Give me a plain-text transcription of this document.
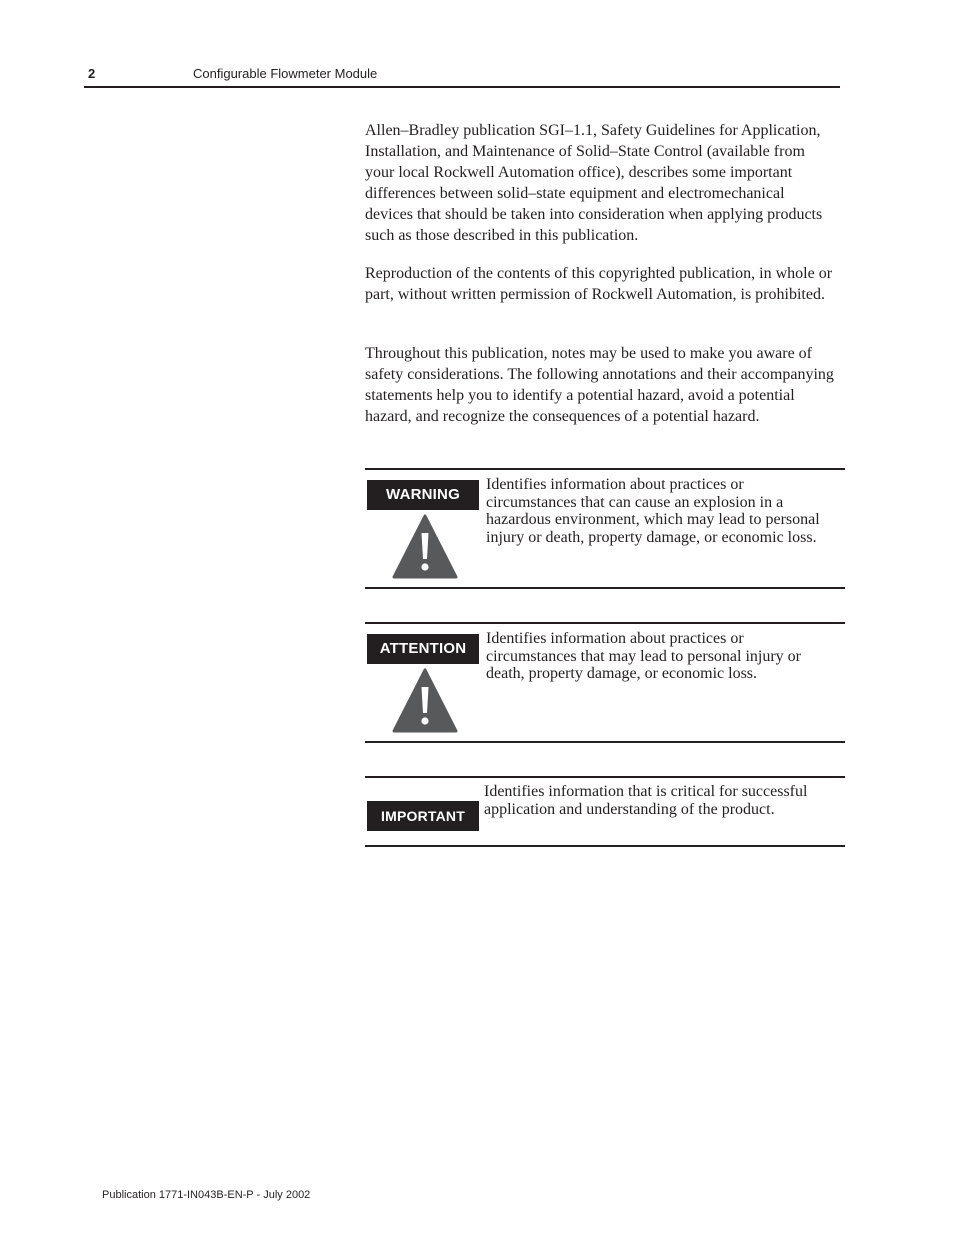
2	Configurable Flowmeter Module

Allen–Bradley publication SGI–1.1, Safety Guidelines for Application, Installation, and Maintenance of Solid–State Control (available from your local Rockwell Automation office), describes some important differences between solid–state equipment and electromechanical devices that should be taken into consideration when applying products such as those described in this publication.

Reproduction of the contents of this copyrighted publication, in whole or part, without written permission of Rockwell Automation, is prohibited.

Throughout this publication, notes may be used to make you aware of safety considerations. The following annotations and their accompanying statements help you to identify a potential hazard, avoid a potential hazard, and recognize the consequences of a potential hazard.

WARNING

Identifies information about practices or circumstances that can cause an explosion in a hazardous environment, which may lead to personal injury or death, property damage, or economic loss.

ATTENTION

Identifies information about practices or circumstances that may lead to personal injury or death, property damage, or economic loss.

IMPORTANT

Identifies information that is critical for successful application and understanding of the product.

Publication 1771-IN043B-EN-P - July 2002
